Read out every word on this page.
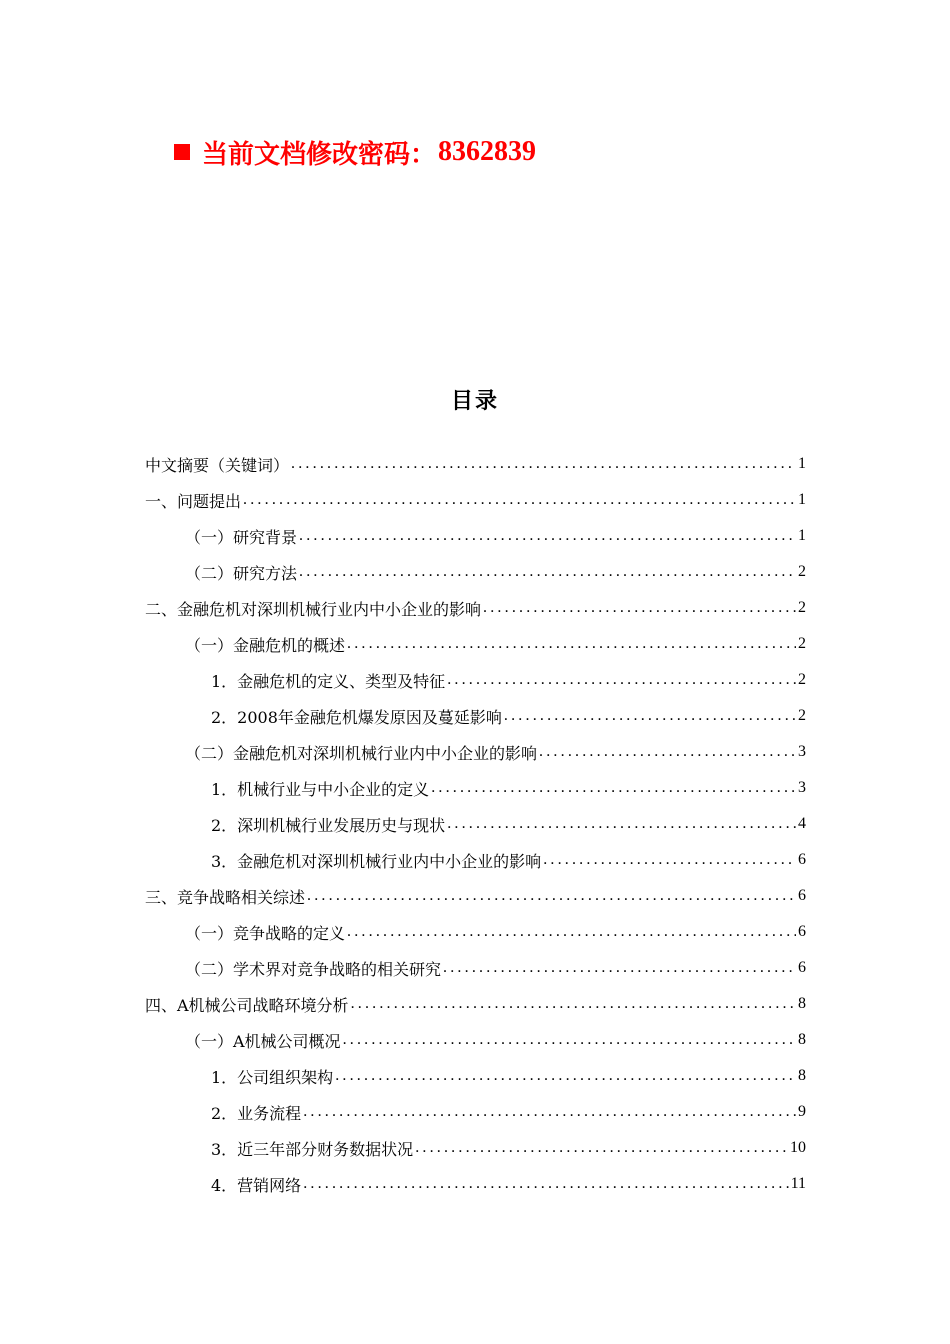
当前文档修改密码： 8362839
目录
中文摘要（关键词） .....	1
一、问题提出 .....	1
（一）研究背景 .....	1
（二）研究方法 .....	2
二、金融危机对深圳机械行业内中小企业的影响 .....	2
（一）金融危机的概述 .....	2
1．金融危机的定义、类型及特征 .....	2
2．2008年金融危机爆发原因及蔓延影响 .....	2
（二）金融危机对深圳机械行业内中小企业的影响 .....	3
1．机械行业与中小企业的定义 .....	3
2．深圳机械行业发展历史与现状 .....	4
3．金融危机对深圳机械行业内中小企业的影响 .....	6
三、竞争战略相关综述 .....	6
（一）竞争战略的定义 .....	6
（二）学术界对竞争战略的相关研究 .....	6
四、A机械公司战略环境分析 .....	8
（一）A机械公司概况 .....	8
1．公司组织架构 .....	8
2．业务流程 .....	9
3．近三年部分财务数据状况 .....	10
4．营销网络 .....	11
